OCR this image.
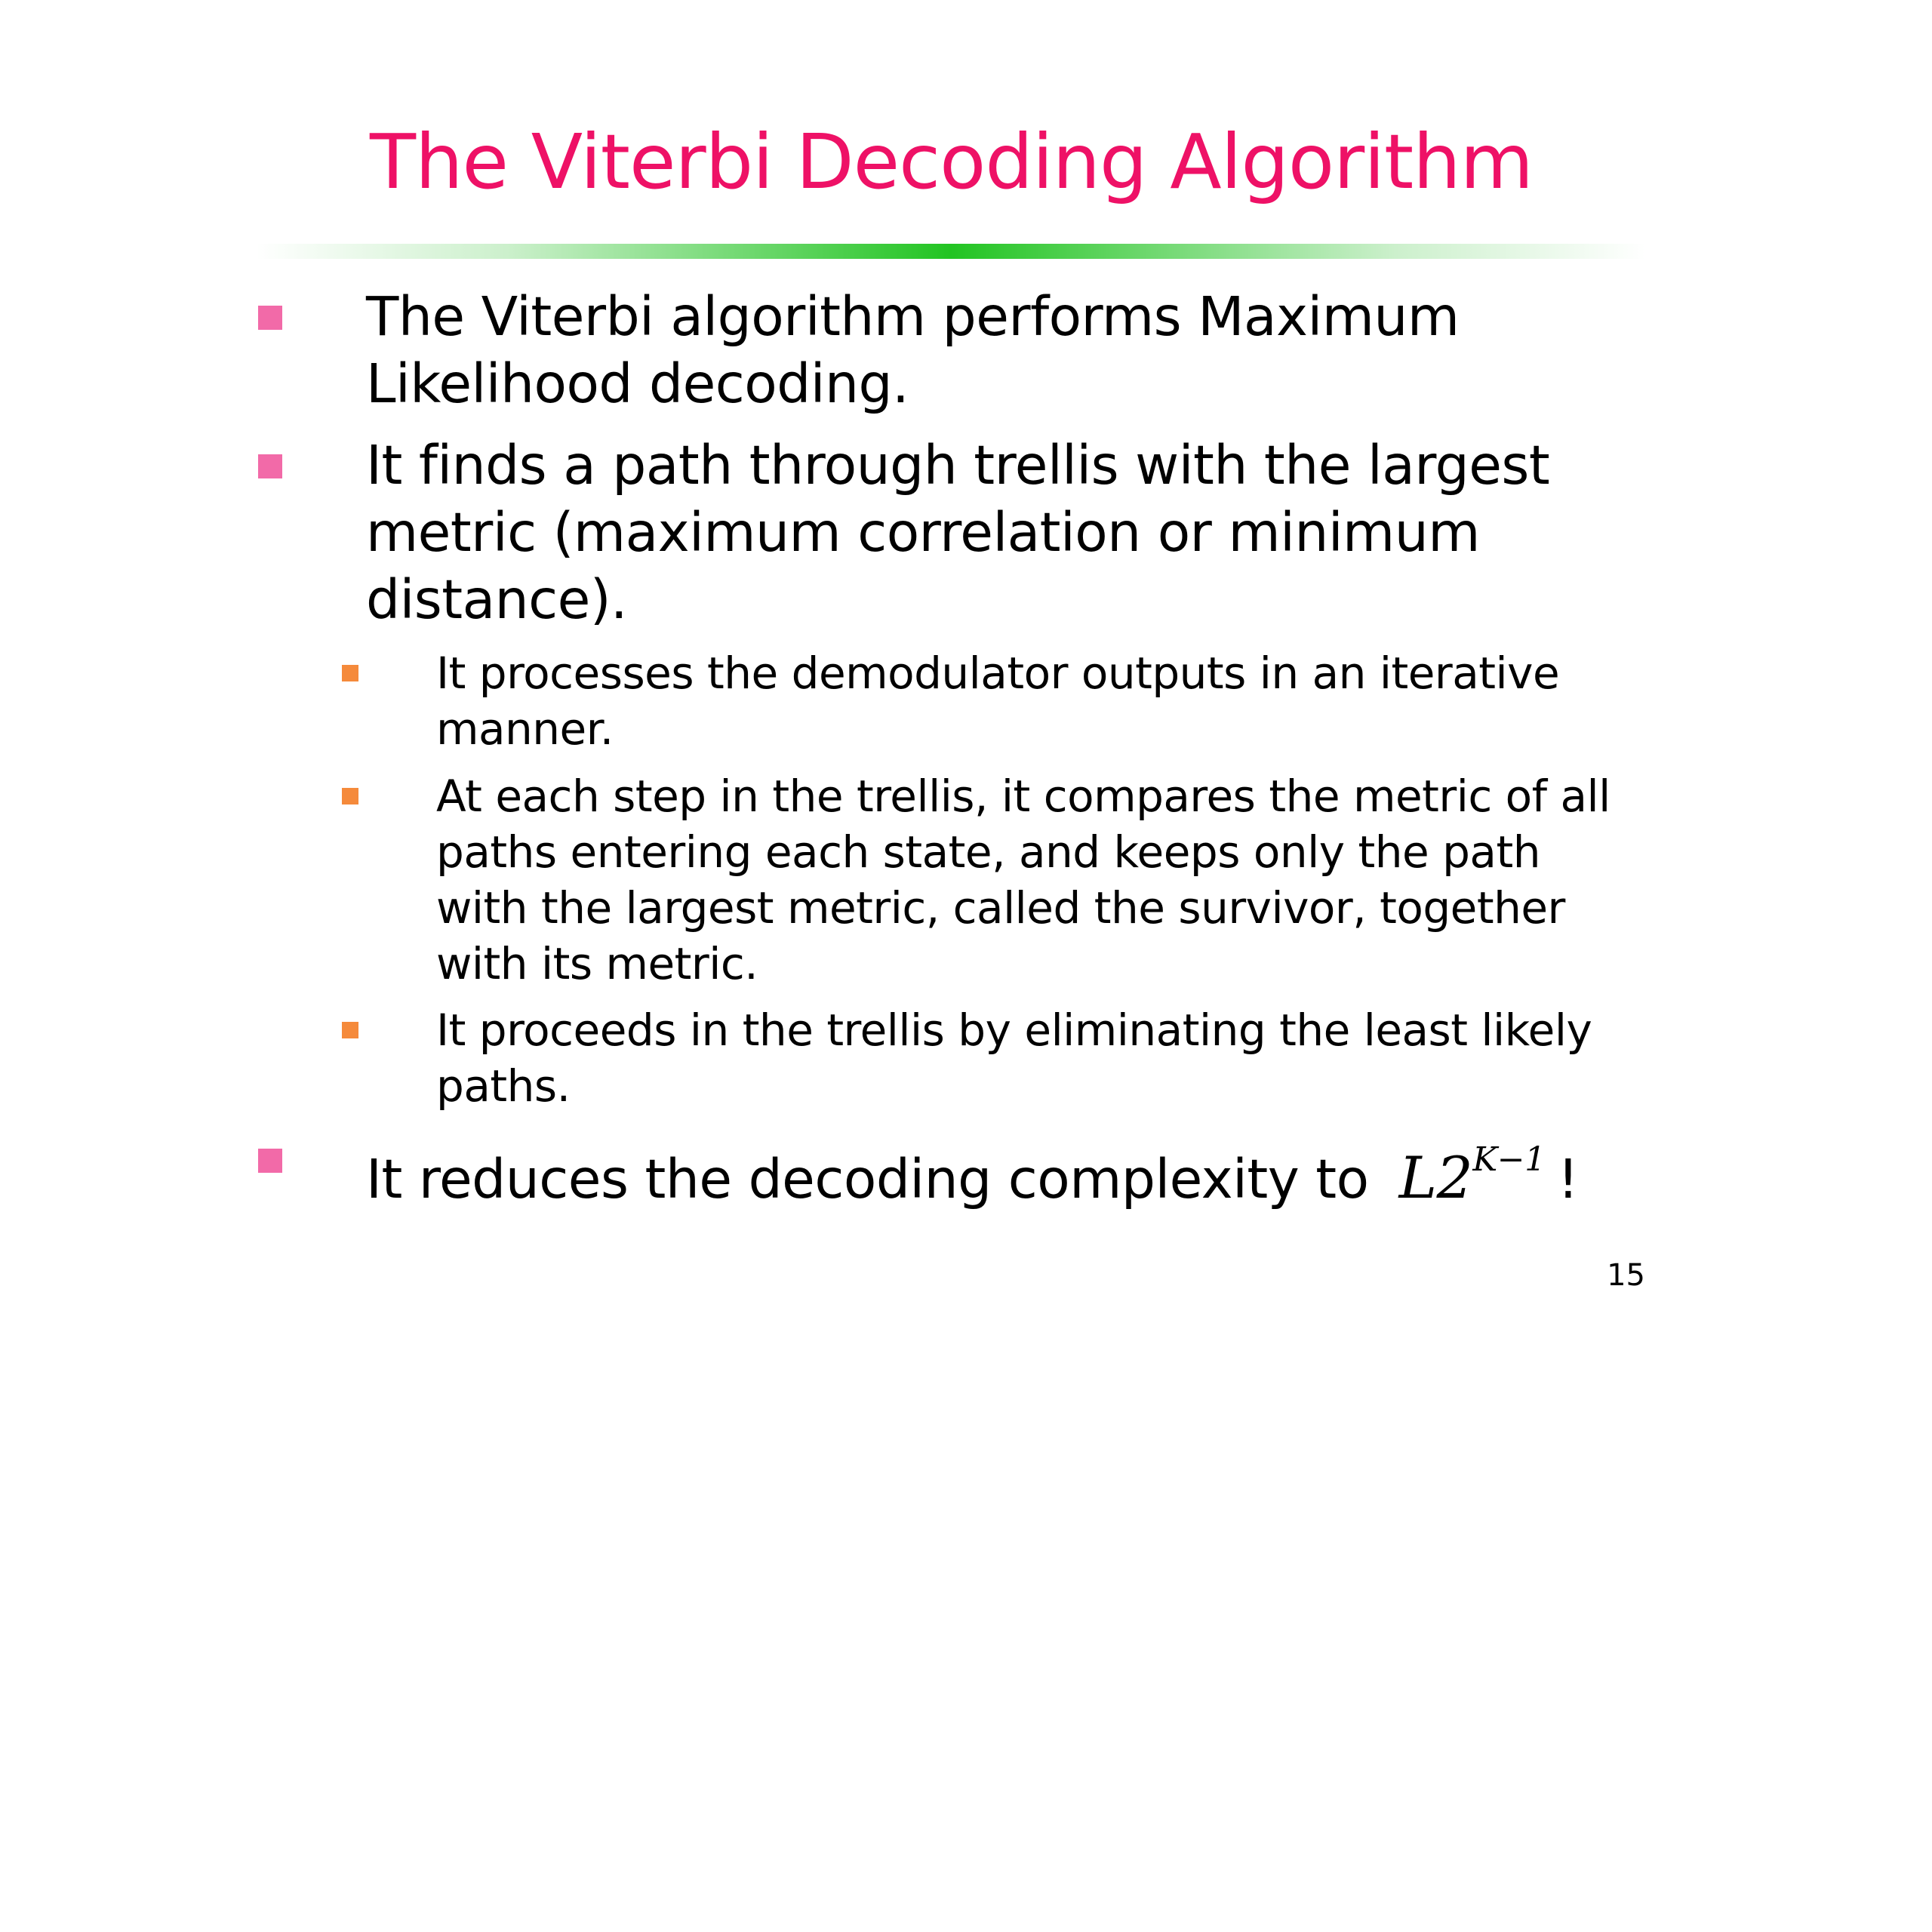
The Viterbi Decoding Algorithm
The Viterbi algorithm performs Maximum Likelihood decoding.
It finds a path through trellis with the largest metric (maximum correlation or minimum distance).
It processes the demodulator outputs in an iterative manner.
At each step in the trellis, it compares the metric of all paths entering each state, and keeps only the path with the largest metric, called the survivor, together with its metric.
It proceeds in the trellis by eliminating the least likely paths.
It reduces the decoding complexity to $L2^{K-1}$ !
15
